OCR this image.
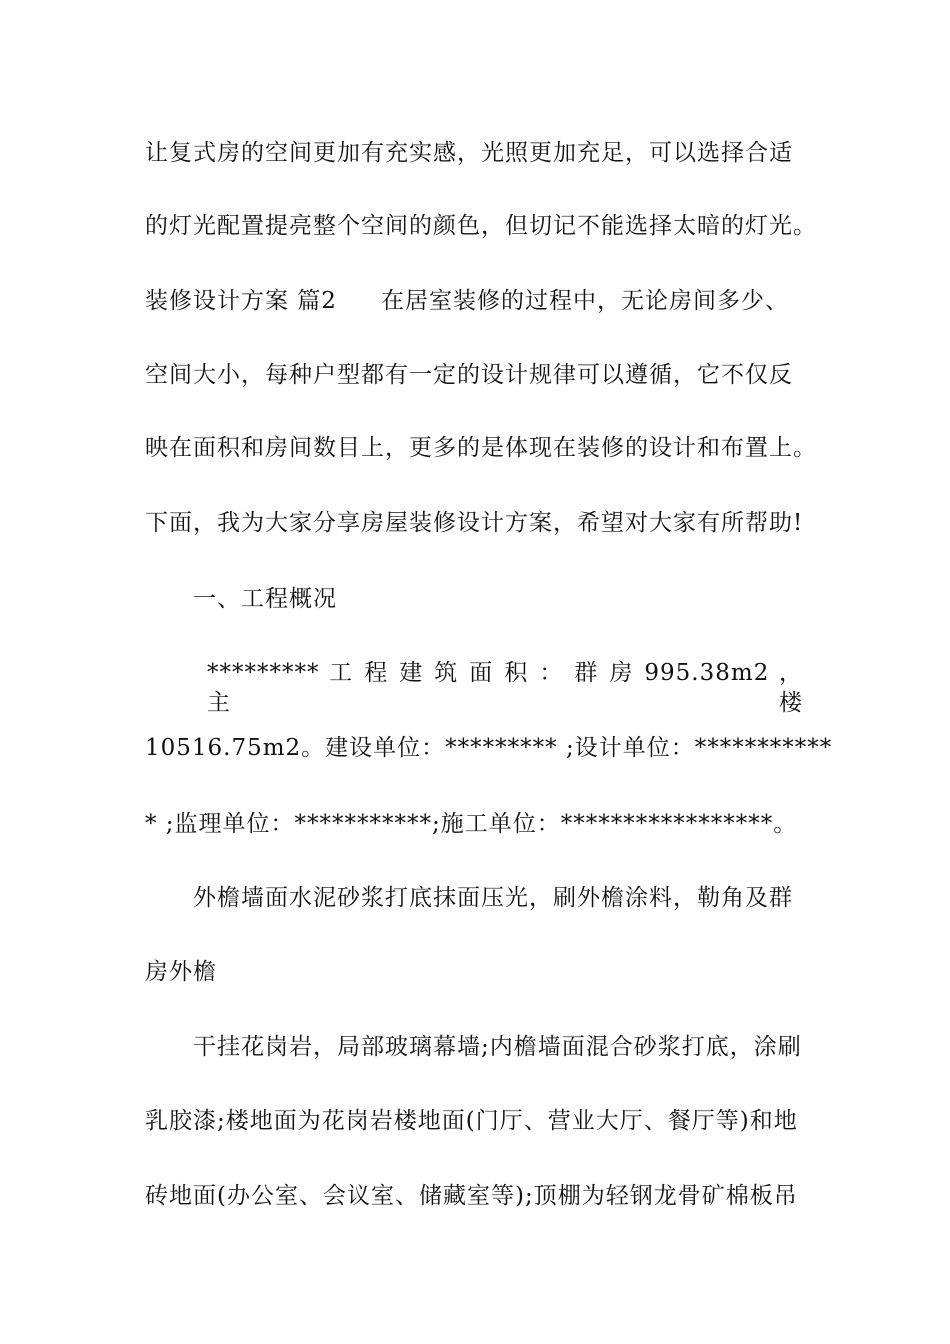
让复式房的空间更加有充实感，光照更加充足，可以选择合适
的灯光配置提亮整个空间的颜色，但切记不能选择太暗的灯光。
装修设计方案 篇2 在居室装修的过程中，无论房间多少、
空间大小，每种户型都有一定的设计规律可以遵循，它不仅反
映在面积和房间数目上，更多的是体现在装修的设计和布置上。
下面，我为大家分享房屋装修设计方案，希望对大家有所帮助!
一、工程概况
********* 工 程 建 筑 面 积 ： 群 房 995.38m2 ， 主 楼
10516.75m2。建设单位：********* ;设计单位：***********
* ;监理单位：***********;施工单位：*****************。
外檐墙面水泥砂浆打底抹面压光，刷外檐涂料，勒角及群
房外檐
干挂花岗岩，局部玻璃幕墙;内檐墙面混合砂浆打底，涂刷
乳胶漆;楼地面为花岗岩楼地面(门厅、营业大厅、餐厅等)和地
砖地面(办公室、会议室、储藏室等);顶棚为轻钢龙骨矿棉板吊
